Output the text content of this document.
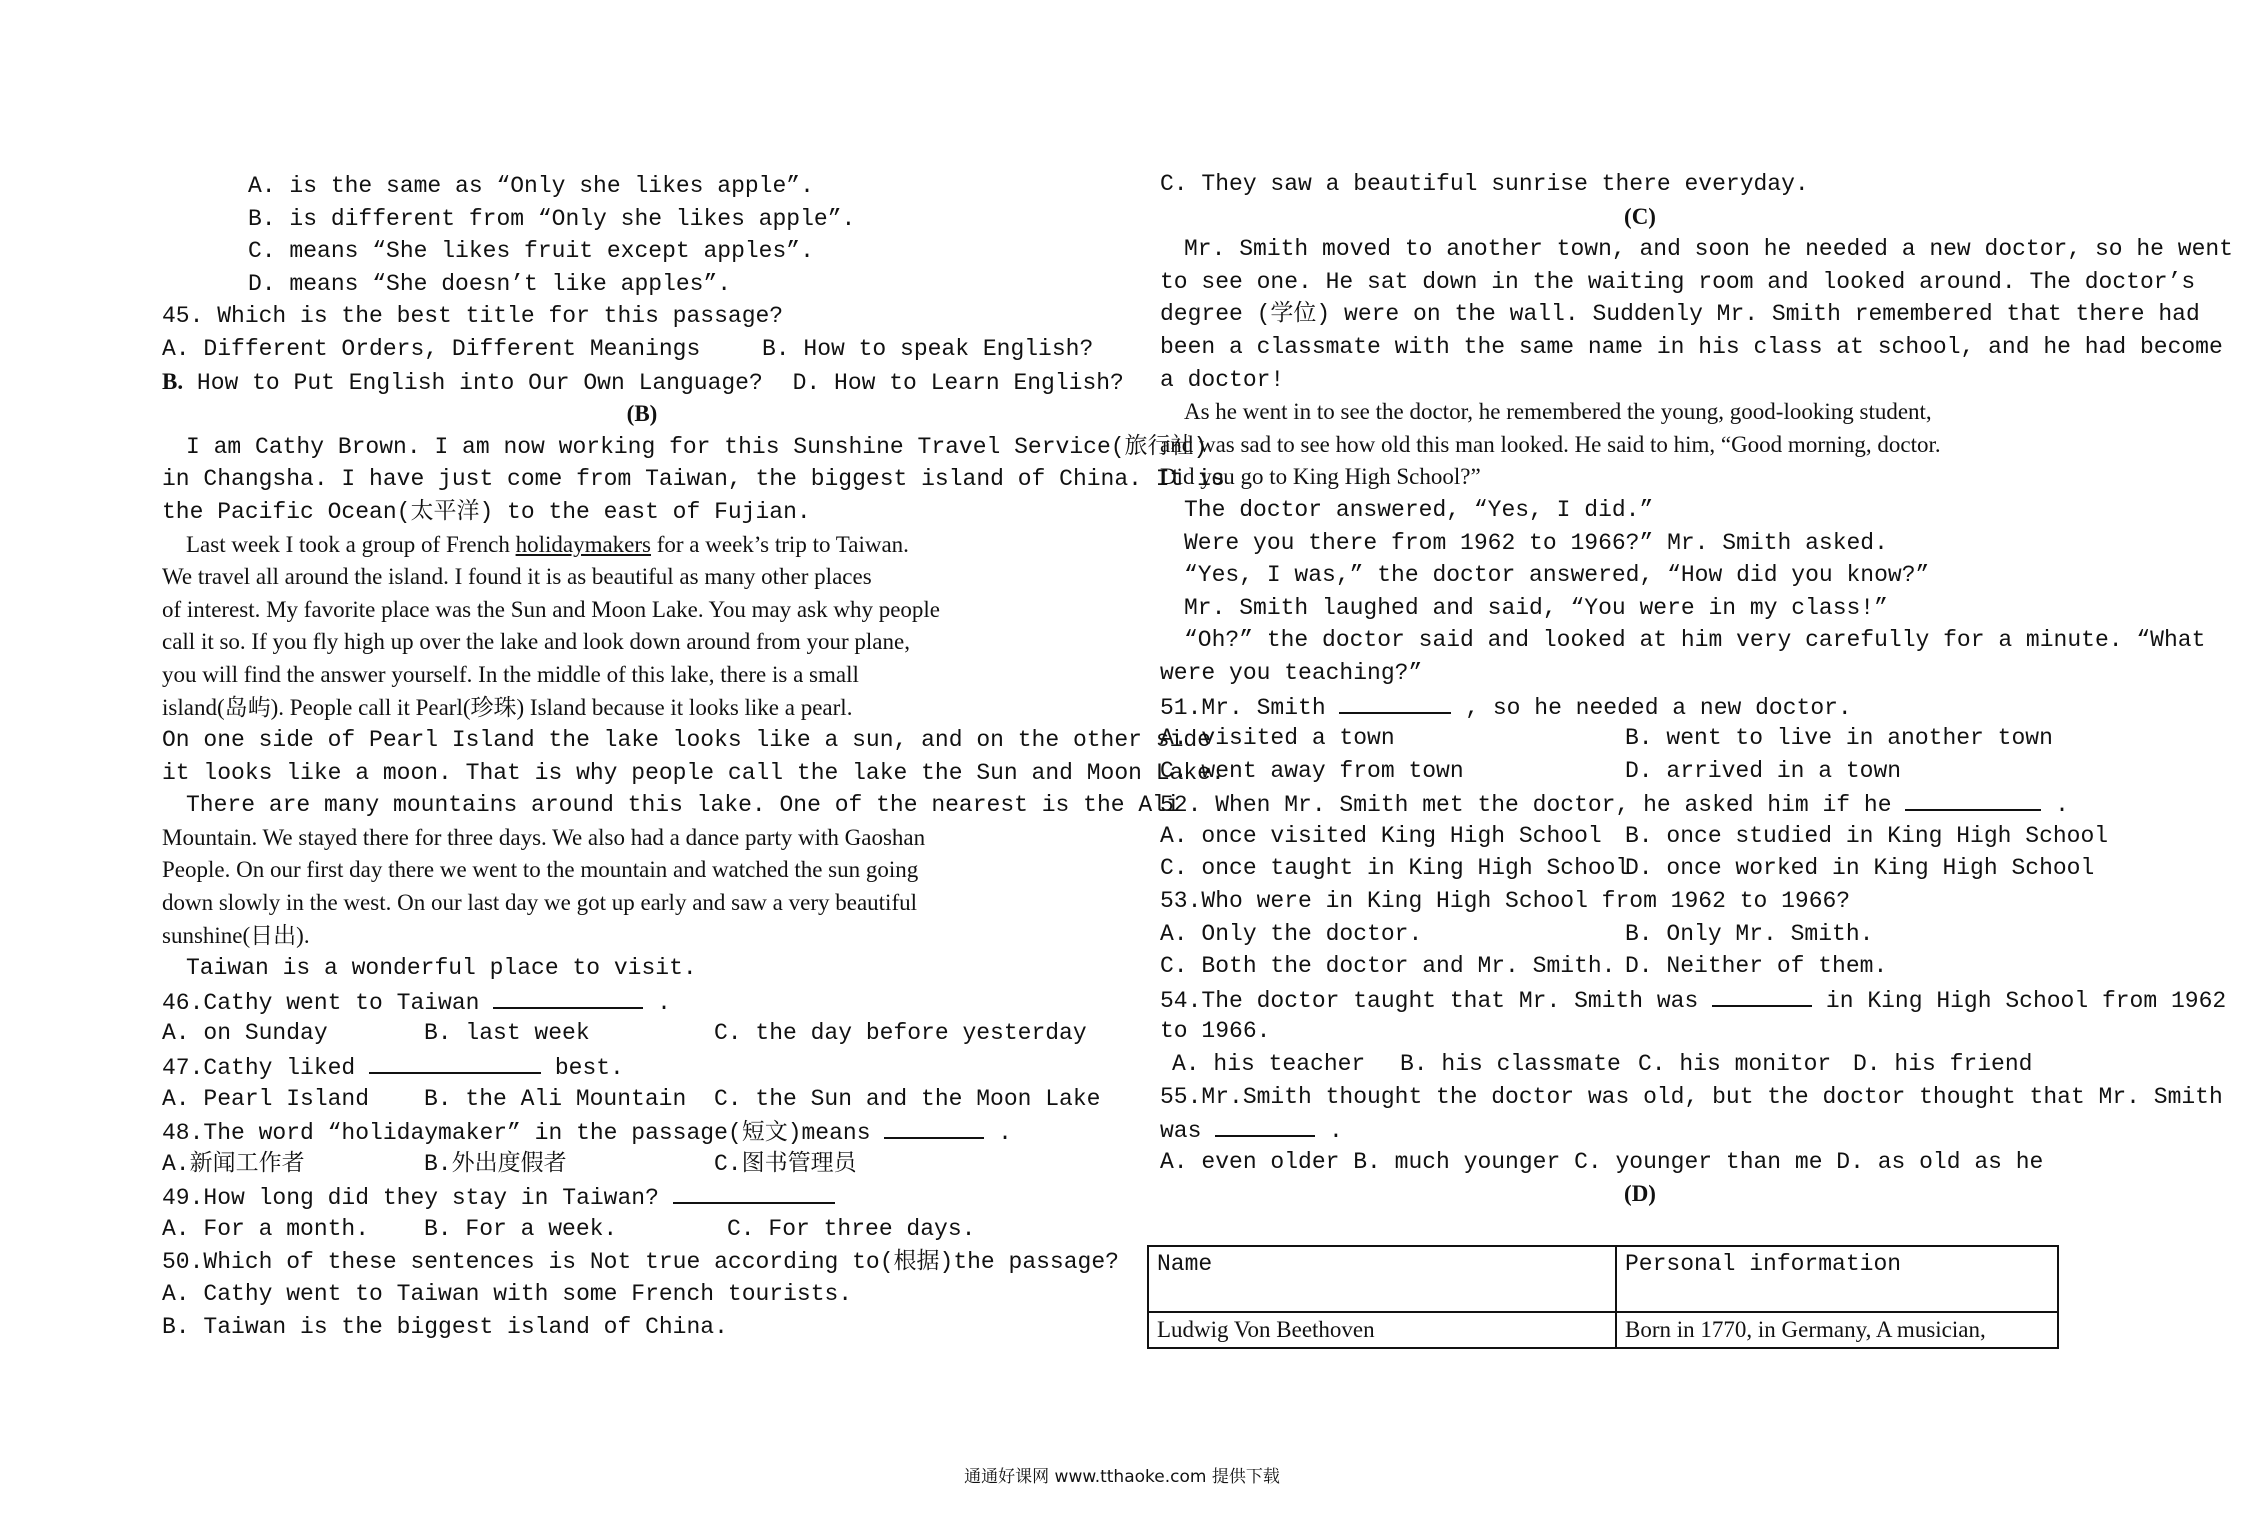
A. is the same as “Only she likes apple”.
B. is different from “Only she likes apple”.
C. means “She likes fruit except apples”.
D. means “She doesn’t like apples”.
45. Which is the best title for this passage?
A. Different Orders, Different Meanings	B. How to speak English?
B. How to Put English into Our Own Language? D. How to Learn English?
(B)
I am Cathy Brown. I am now working for this Sunshine Travel Service(旅行社)
in Changsha. I have just come from Taiwan, the biggest island of China. It is
the Pacific Ocean(太平洋) to the east of Fujian.
Last week I took a group of French holidaymakers for a week’s trip to Taiwan.
We travel all around the island. I found it is as beautiful as many other places
of interest. My favorite place was the Sun and Moon Lake. You may ask why people
call it so. If you fly high up over the lake and look down around from your plane,
you will find the answer yourself. In the middle of this lake, there is a small
island(岛屿). People call it Pearl(珍珠) Island because it looks like a pearl.
On one side of Pearl Island the lake looks like a sun, and on the other side
it looks like a moon. That is why people call the lake the Sun and Moon Lake.
There are many mountains around this lake. One of the nearest is the Ali
Mountain. We stayed there for three days. We also had a dance party with Gaoshan
People. On our first day there we went to the mountain and watched the sun going
down slowly in the west. On our last day we got up early and saw a very beautiful
sunshine(日出).
Taiwan is a wonderful place to visit.
46.Cathy went to Taiwan	.
A. on Sunday	B. last week	C. the day before yesterday
47.Cathy liked	best.
A. Pearl Island B. the Ali Mountain C. the Sun and the Moon Lake
48.The word “holidaymaker” in the passage(短文)means	.
A.新闻工作者	B.外出度假者	C.图书管理员
49.How long did they stay in Taiwan?
A. For a month. B. For a week.	C. For three days.
50.Which of these sentences is Not true according to(根据)the passage?
A. Cathy went to Taiwan with some French tourists.
B. Taiwan is the biggest island of China.
C. They saw a beautiful sunrise there everyday.
(C)
Mr. Smith moved to another town, and soon he needed a new doctor, so he went
to see one. He sat down in the waiting room and looked around. The doctor’s
degree (学位) were on the wall. Suddenly Mr. Smith remembered that there had
been a classmate with the same name in his class at school, and he had become
a doctor!
As he went in to see the doctor, he remembered the young, good-looking student,
and was sad to see how old this man looked. He said to him, “Good morning, doctor.
Did you go to King High School?”
The doctor answered, “Yes, I did.”
Were you there from 1962 to 1966?” Mr. Smith asked.
“Yes, I was,” the doctor answered, “How did you know?”
Mr. Smith laughed and said, “You were in my class!”
“Oh?” the doctor said and looked at him very carefully for a minute. “What
were you teaching?”
51.Mr. Smith	, so he needed a new doctor.
A. visited a town	B. went to live in another town
C. went away from town	D. arrived in a town
52. When Mr. Smith met the doctor, he asked him if he	.
A. once visited King High School B. once studied in King High School
C. once taught in King High SchoolD. once worked in King High School
53.Who were in King High School from 1962 to 1966?
A. Only the doctor.	B. Only Mr. Smith.
C. Both the doctor and Mr. Smith. D. Neither of them.
54.The doctor taught that Mr. Smith was	in King High School from 1962
to 1966.
A. his teacher B. his classmate C. his monitor D. his friend
55.Mr.Smith thought the doctor was old, but the doctor thought that Mr. Smith
was	.
A. even older B. much younger C. younger than me D. as old as he
(D)
Name	Personal information
Ludwig Von Beethoven	Born in 1770, in Germany, A musician,
通通好课网 www.tthaoke.com 提供下载
